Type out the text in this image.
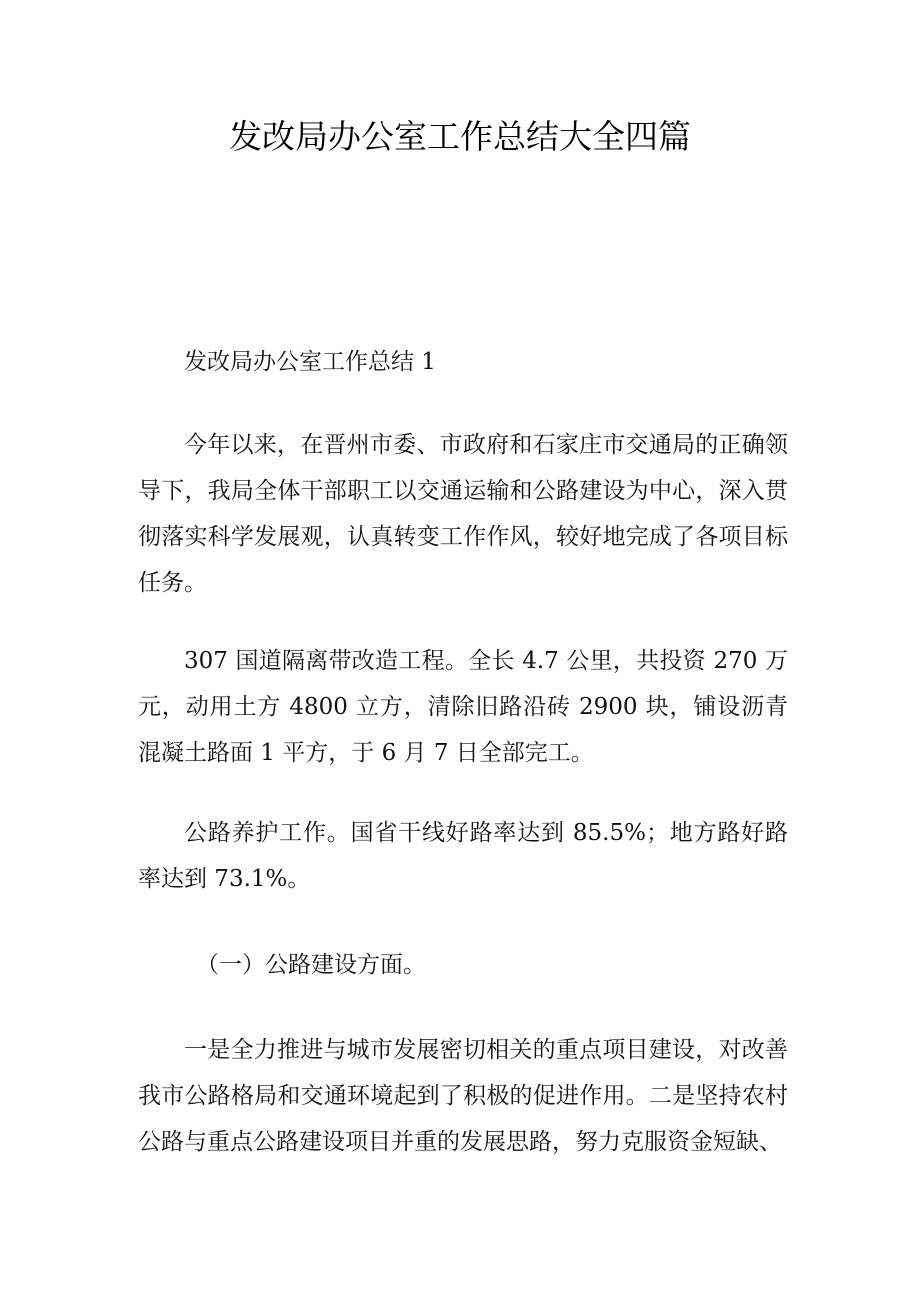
发改局办公室工作总结大全四篇

发改局办公室工作总结 1

今年以来，在晋州市委、市政府和石家庄市交通局的正确领导下，我局全体干部职工以交通运输和公路建设为中心，深入贯彻落实科学发展观，认真转变工作作风，较好地完成了各项目标任务。

307 国道隔离带改造工程。全长 4.7 公里，共投资 270 万元，动用土方 4800 立方，清除旧路沿砖 2900 块，铺设沥青混凝土路面 1 平方，于 6 月 7 日全部完工。

公路养护工作。国省干线好路率达到 85.5%；地方路好路率达到 73.1%。

（一）公路建设方面。

一是全力推进与城市发展密切相关的重点项目建设，对改善我市公路格局和交通环境起到了积极的促进作用。二是坚持农村公路与重点公路建设项目并重的发展思路，努力克服资金短缺、
